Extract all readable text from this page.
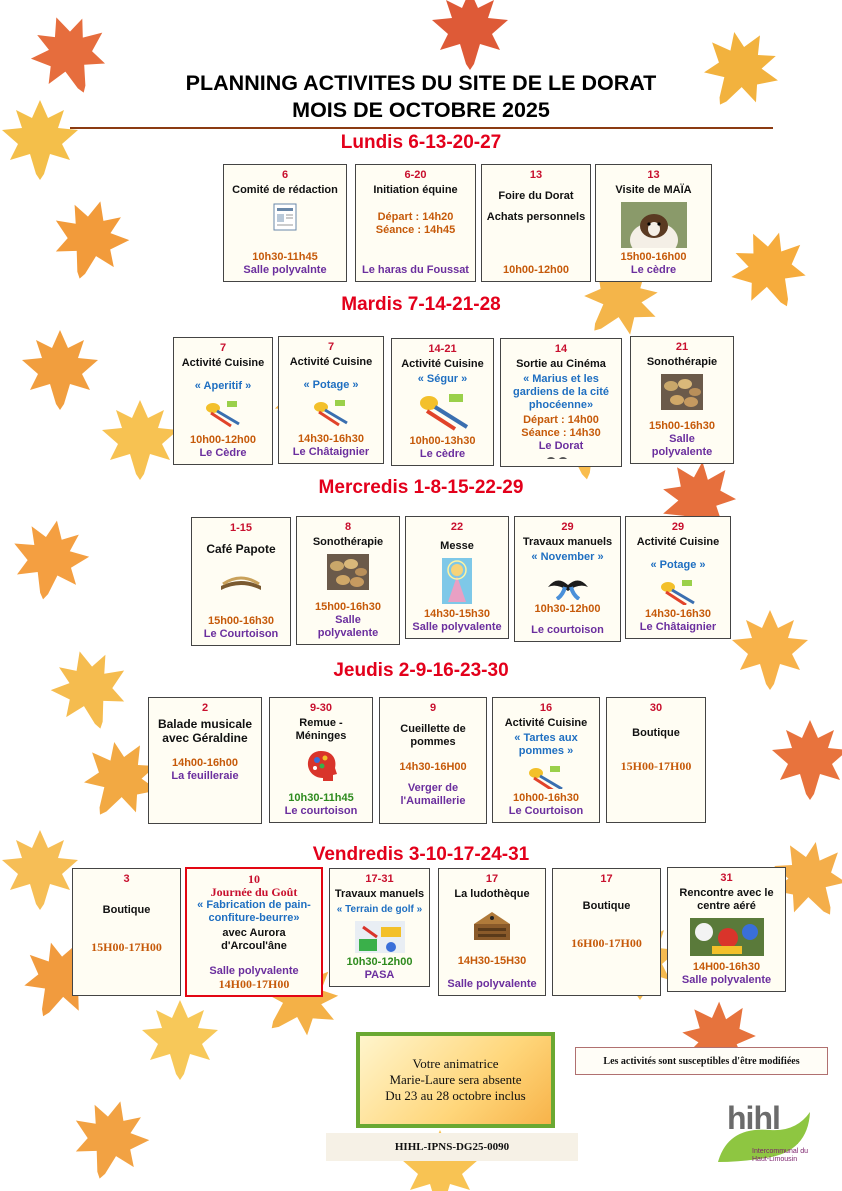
PLANNING ACTIVITES DU SITE DE LE DORAT
MOIS DE OCTOBRE 2025
Lundis 6-13-20-27
6
Comité de rédaction
10h30-11h45
Salle polyvalnte
6-20
Initiation équine
Départ : 14h20
Séance : 14h45
Le haras du Foussat
13
Foire du Dorat
Achats personnels
10h00-12h00
13
Visite de MAÏA
15h00-16h00
Le cèdre
Mardis 7-14-21-28
7
Activité Cuisine
« Aperitif »
10h00-12h00
Le Cèdre
7
Activité Cuisine
« Potage »
14h30-16h30
Le Châtaignier
14-21
Activité Cuisine
« Ségur »
10h00-13h30
Le cèdre
14
Sortie au Cinéma
« Marius et les gardiens de la cité phocéenne»
Départ : 14h00
Séance : 14h30
Le Dorat
21
Sonothérapie
15h00-16h30
Salle polyvalente
Mercredis 1-8-15-22-29
1-15
Café Papote
15h00-16h30
Le Courtoison
8
Sonothérapie
15h00-16h30
Salle polyvalente
22
Messe
14h30-15h30
Salle polyvalente
29
Travaux manuels
« November »
10h30-12h00
Le courtoison
29
Activité Cuisine
« Potage »
14h30-16h30
Le Châtaignier
Jeudis 2-9-16-23-30
2
Balade musicale avec Géraldine
14h00-16h00
La feuilleraie
9-30
Remue - Méninges
10h30-11h45
Le courtoison
9
Cueillette de pommes
14h30-16H00
Verger de l'Aumaillerie
16
Activité Cuisine
« Tartes aux pommes »
10h00-16h30
Le Courtoison
30
Boutique
15H00-17H00
Vendredis 3-10-17-24-31
3
Boutique
15H00-17H00
10
Journée du Goût
« Fabrication de pain-confiture-beurre»
avec Aurora d'Arcoul'âne
Salle polyvalente
14H00-17H00
17-31
Travaux manuels
« Terrain de golf »
10h30-12h00
PASA
17
La ludothèque
14H30-15H30
Salle polyvalente
17
Boutique
16H00-17H00
31
Rencontre avec le centre aéré
14H00-16h30
Salle polyvalente
Votre animatrice
Marie-Laure sera absente
Du 23 au 28 octobre inclus
Les activités sont susceptibles d'être modifiées
HIHL-IPNS-DG25-0090
hihl
Hôpital
Intercommunal du Haut-Limousin
